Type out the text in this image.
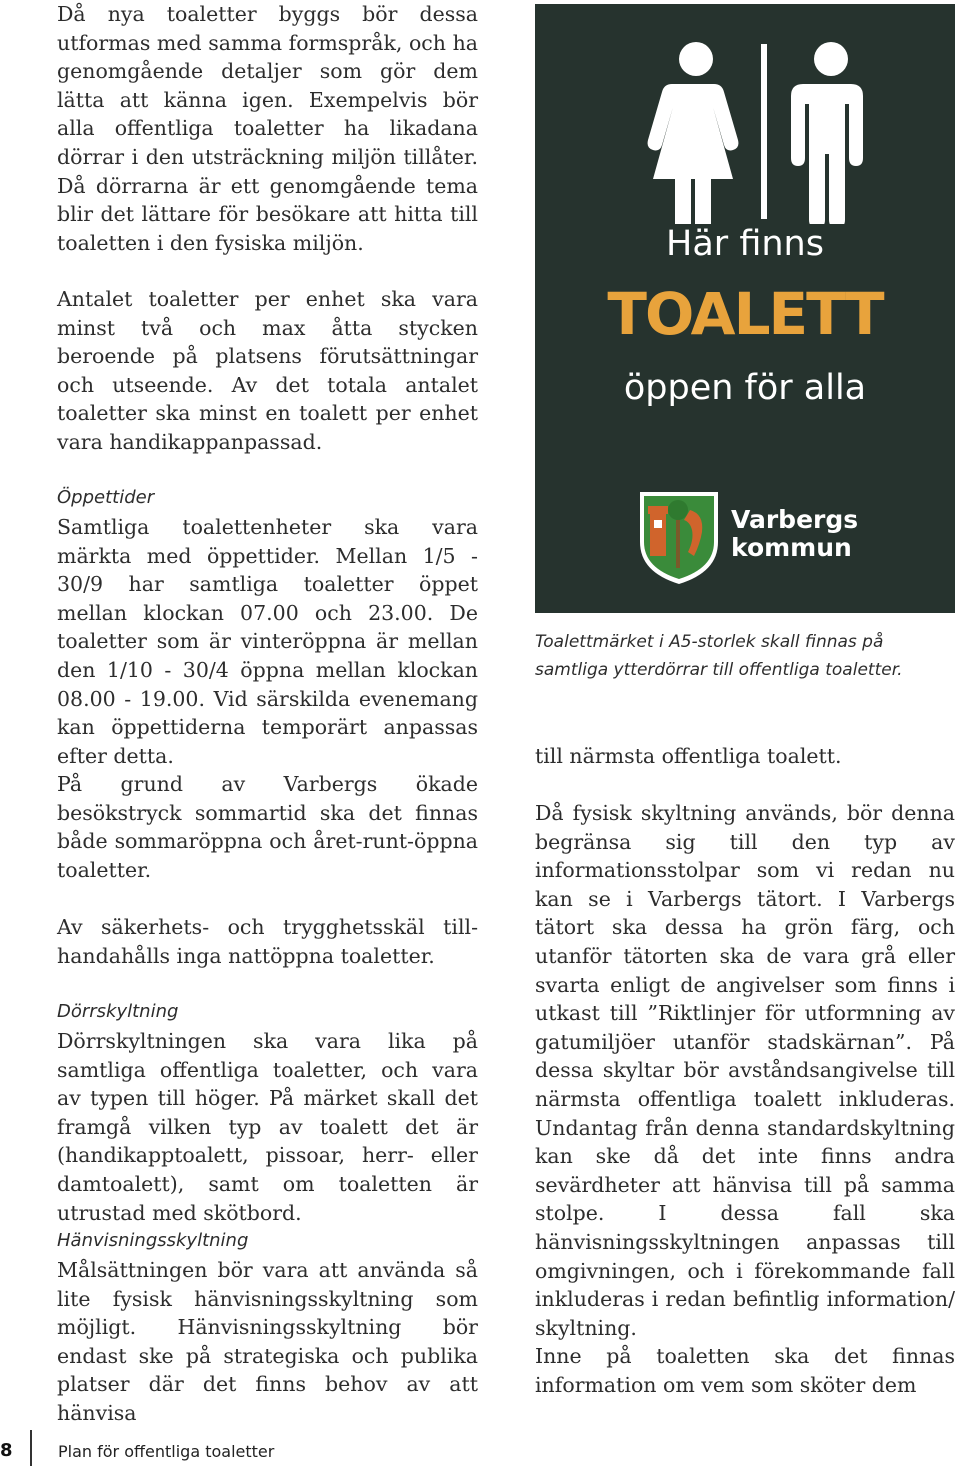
Då nya toaletter byggs bör dessa utformas med samma formspråk, och ha genomgående detaljer som gör dem lätta att känna igen. Exempelvis bör alla offentliga toaletter ha likadana dörrar i den utsträckning miljön tillåter. Då dörrarna är ett genomgående tema blir det lättare för besökare att hitta till toaletten i den fysiska miljön.

Antalet toaletter per enhet ska vara minst två och max åtta stycken beroende på platsens förutsättningar och utseende. Av det totala antalet toaletter ska minst en toalett per enhet vara handikappanpassad.

Öppettider

Samtliga toalettenheter ska vara märkta med öppettider. Mellan 1/5 - 30/9 har samtliga toaletter öppet mellan klockan 07.00 och 23.00. De toaletter som är vinteröppna är mellan den 1/10 - 30/4 öppna mellan klockan 08.00 - 19.00. Vid särskilda evenemang kan öppettiderna temporärt anpassas efter detta.

På grund av Varbergs ökade besökstryck sommartid ska det finnas både sommaröppna och året-runt-öppna toaletter.

Av säkerhets- och trygghetsskäl till-handahålls inga nattöppna toaletter.

Dörrskyltning

Dörrskyltningen ska vara lika på samtliga offentliga toaletter, och vara av typen till höger. På märket skall det framgå vilken typ av toalett det är (handikapptoalett, pissoar, herr- eller damtoalett), samt om toaletten är utrustad med skötbord.

Hänvisningsskyltning

Målsättningen bör vara att använda så lite fysisk hänvisningsskyltning som möjligt. Hänvisningsskyltning bör endast ske på strategiska och publika platser där det finns behov av att hänvisa

Här finns
TOALETT
öppen för alla
Varbergs
kommun

Toalettmärket i A5-storlek skall finnas på samtliga ytterdörrar till offentliga toaletter.

till närmsta offentliga toalett.

Då fysisk skyltning används, bör denna begränsa sig till den typ av informationsstolpar som vi redan nu kan se i Varbergs tätort. I Varbergs tätort ska dessa ha grön färg, och utanför tätorten ska de vara grå eller svarta enligt de angivelser som finns i utkast till ”Riktlinjer för utformning av gatumiljöer utanför stadskärnan”. På dessa skyltar bör avståndsangivelse till närmsta offentliga toalett inkluderas. Undantag från denna standardskyltning kan ske då det inte finns andra sevärdheter att hänvisa till på samma stolpe. I dessa fall ska hänvisningsskyltningen anpassas till omgivningen, och i förekommande fall inkluderas i redan befintlig information/ skyltning.

Inne på toaletten ska det finnas information om vem som sköter dem

8	Plan för offentliga toaletter
